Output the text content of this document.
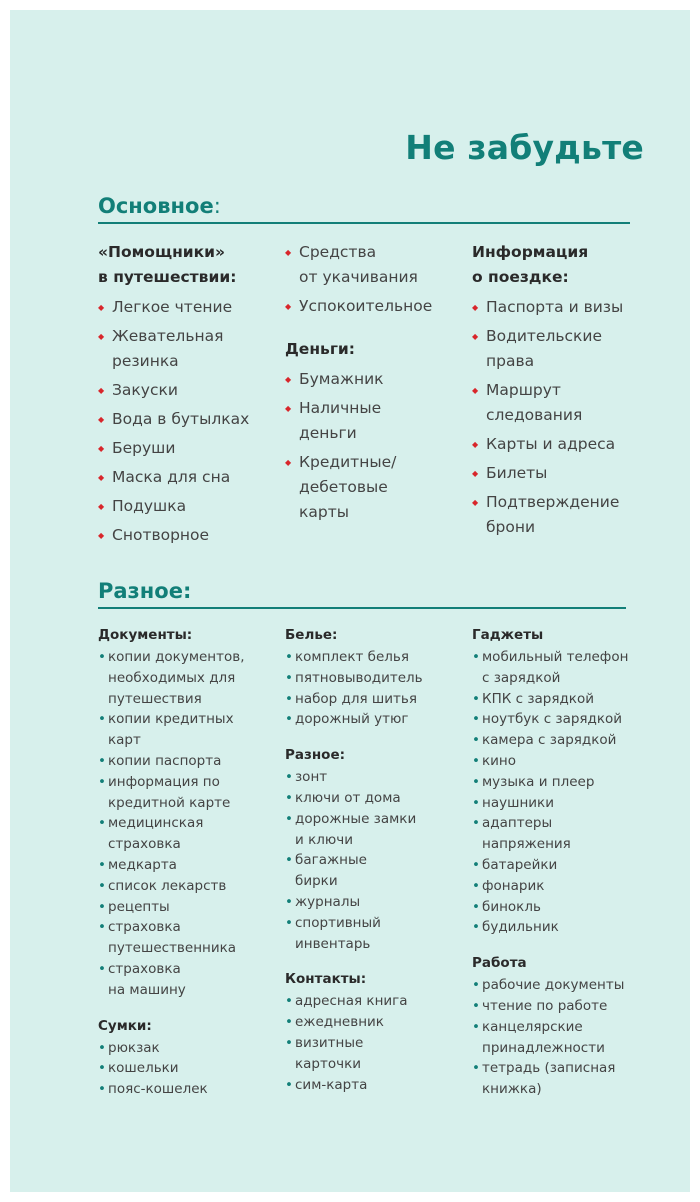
Не забудьте
Основное:
«Помощники»
в путешествии:
◆ Легкое чтение
◆ Жевательная
резинка
◆ Закуски
◆ Вода в бутылках
◆ Беруши
◆ Маска для сна
◆ Подушка
◆ Снотворное
◆ Средства
от укачивания
◆ Успокоительное
Деньги:
◆ Бумажник
◆ Наличные
деньги
◆ Кредитные/
дебетовые
карты
Информация
о поездке:
◆ Паспорта и визы
◆ Водительские
права
◆ Маршрут
следования
◆ Карты и адреса
◆ Билеты
◆ Подтверждение
брони
Разное:
Документы:
• копии документов,
необходимых для
путешествия
• копии кредитных
карт
• копии паспорта
• информация по
кредитной карте
• медицинская
страховка
• медкарта
• список лекарств
• рецепты
• страховка
путешественника
• страховка
на машину
Сумки:
• рюкзак
• кошельки
• пояс-кошелек
Белье:
• комплект белья
• пятновыводитель
• набор для шитья
• дорожный утюг
Разное:
• зонт
• ключи от дома
• дорожные замки
и ключи
• багажные
бирки
• журналы
• спортивный
инвентарь
Контакты:
• адресная книга
• ежедневник
• визитные
карточки
• сим-карта
Гаджеты
• мобильный телефон
с зарядкой
• КПК с зарядкой
• ноутбук с зарядкой
• камера с зарядкой
• кино
• музыка и плеер
• наушники
• адаптеры
напряжения
• батарейки
• фонарик
• бинокль
• будильник
Работа
• рабочие документы
• чтение по работе
• канцелярские
принадлежности
• тетрадь (записная
книжка)
